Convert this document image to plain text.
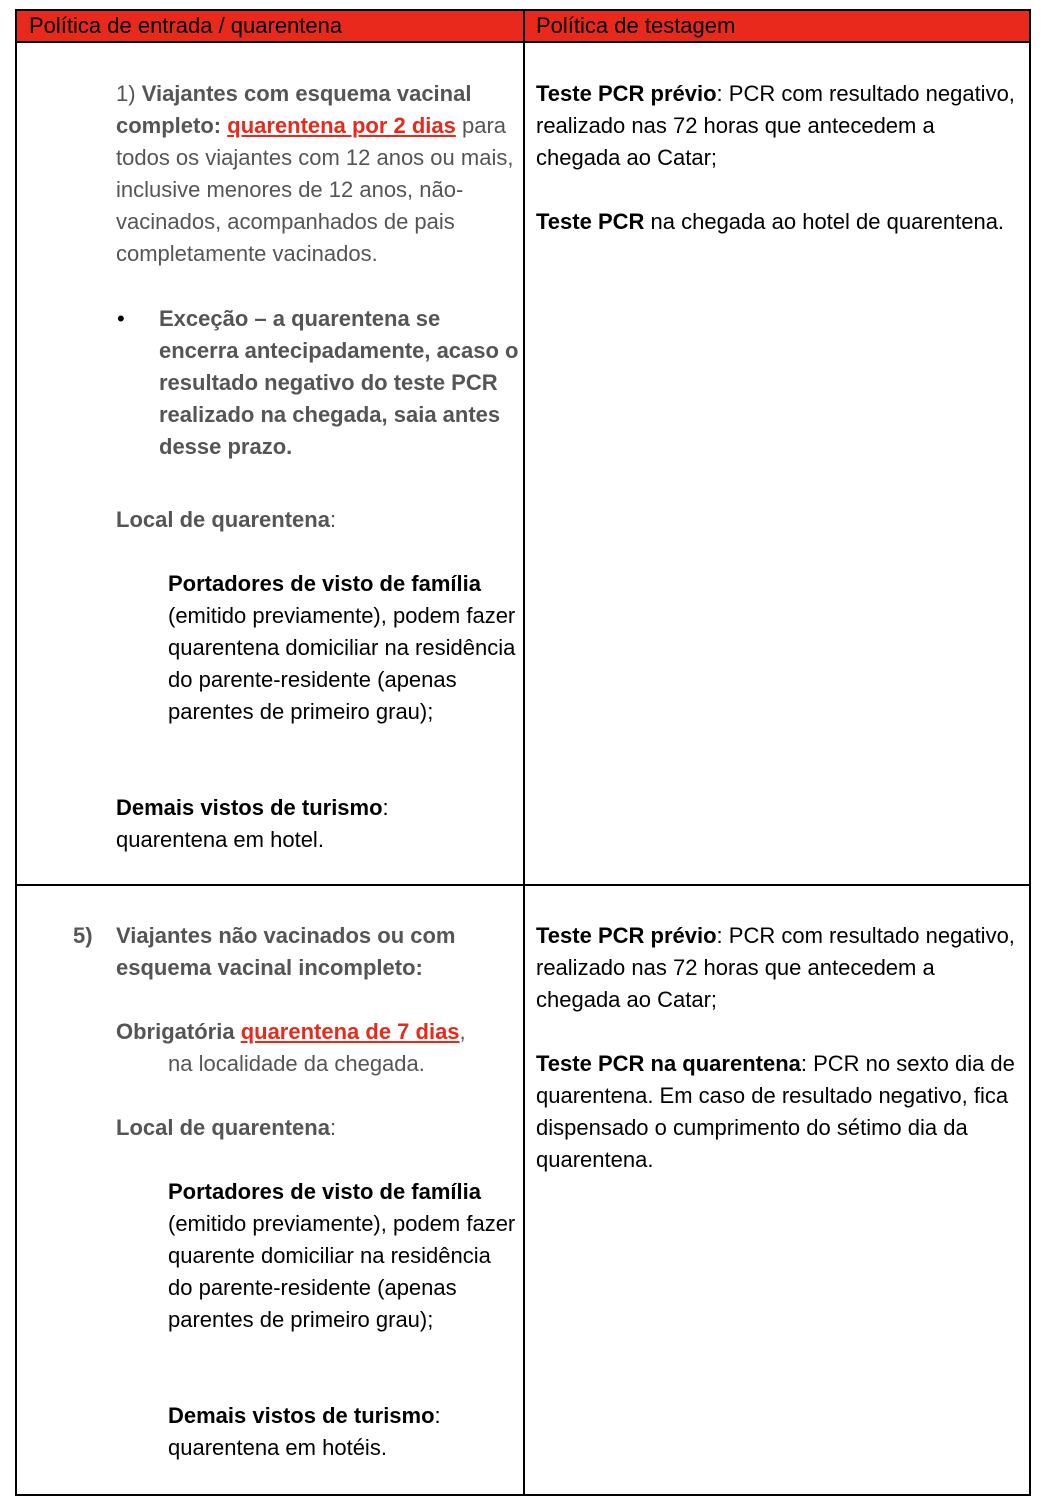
Política de entrada / quarentena	Política de testagem
1) Viajantes com esquema vacinal completo: quarentena por 2 dias para todos os viajantes com 12 anos ou mais, inclusive menores de 12 anos, não-vacinados, acompanhados de pais completamente vacinados.
• Exceção – a quarentena se encerra antecipadamente, acaso o resultado negativo do teste PCR realizado na chegada, saia antes desse prazo.
Local de quarentena:
Portadores de visto de família (emitido previamente), podem fazer quarentena domiciliar na residência do parente-residente (apenas parentes de primeiro grau);
Demais vistos de turismo:
quarentena em hotel.
Teste PCR prévio: PCR com resultado negativo, realizado nas 72 horas que antecedem a chegada ao Catar;
Teste PCR na chegada ao hotel de quarentena.
5) Viajantes não vacinados ou com esquema vacinal incompleto:
Obrigatória quarentena de 7 dias,
na localidade da chegada.
Local de quarentena:
Portadores de visto de família (emitido previamente), podem fazer quarente domiciliar na residência do parente-residente (apenas parentes de primeiro grau);
Demais vistos de turismo:
quarentena em hotéis.
Teste PCR prévio: PCR com resultado negativo, realizado nas 72 horas que antecedem a chegada ao Catar;
Teste PCR na quarentena: PCR no sexto dia de quarentena. Em caso de resultado negativo, fica dispensado o cumprimento do sétimo dia da quarentena.
